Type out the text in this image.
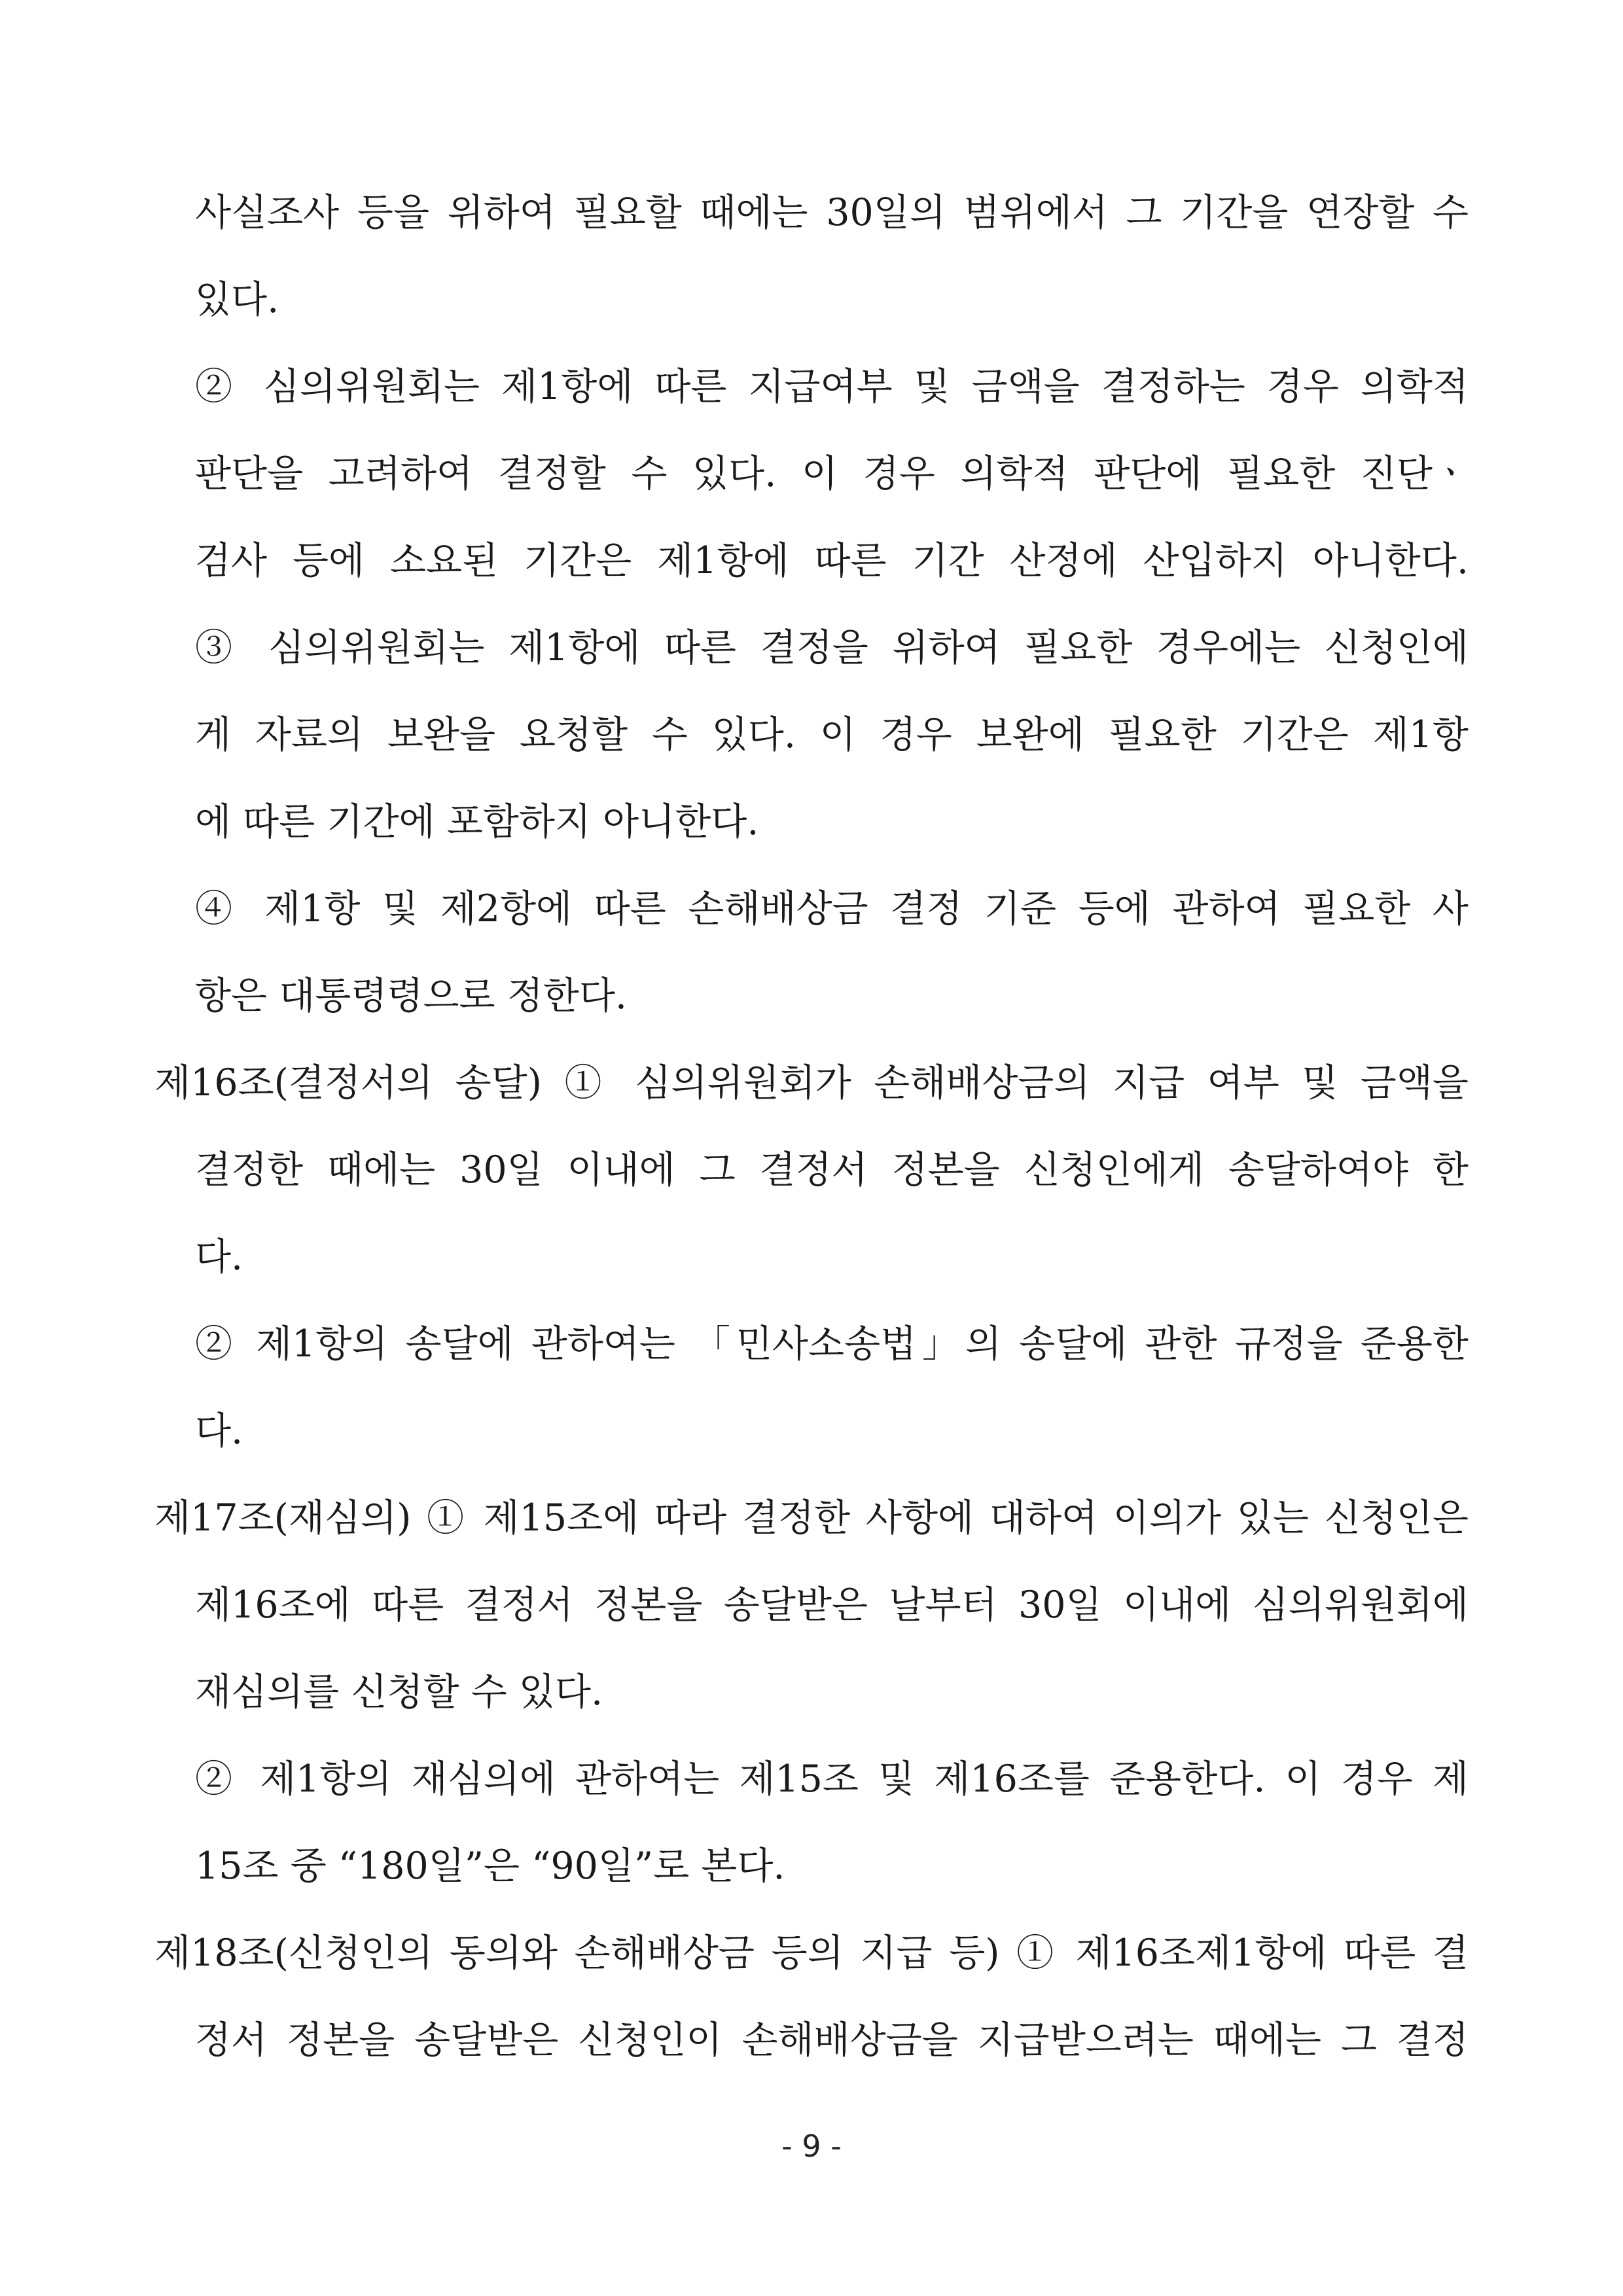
사실조사 등을 위하여 필요할 때에는 30일의 범위에서 그 기간을 연장할 수
있다.
② 심의위원회는 제1항에 따른 지급여부 및 금액을 결정하는 경우 의학적
판단을 고려하여 결정할 수 있다. 이 경우 의학적 판단에 필요한 진단ㆍ
검사 등에 소요된 기간은 제1항에 따른 기간 산정에 산입하지 아니한다.
③ 심의위원회는 제1항에 따른 결정을 위하여 필요한 경우에는 신청인에
게 자료의 보완을 요청할 수 있다. 이 경우 보완에 필요한 기간은 제1항
에 따른 기간에 포함하지 아니한다.
④ 제1항 및 제2항에 따른 손해배상금 결정 기준 등에 관하여 필요한 사
항은 대통령령으로 정한다.
제16조(결정서의 송달) ① 심의위원회가 손해배상금의 지급 여부 및 금액을
결정한 때에는 30일 이내에 그 결정서 정본을 신청인에게 송달하여야 한
다.
② 제1항의 송달에 관하여는 「민사소송법」의 송달에 관한 규정을 준용한
다.
제17조(재심의) ① 제15조에 따라 결정한 사항에 대하여 이의가 있는 신청인은
제16조에 따른 결정서 정본을 송달받은 날부터 30일 이내에 심의위원회에
재심의를 신청할 수 있다.
② 제1항의 재심의에 관하여는 제15조 및 제16조를 준용한다. 이 경우 제
15조 중 “180일”은 “90일”로 본다.
제18조(신청인의 동의와 손해배상금 등의 지급 등) ① 제16조제1항에 따른 결
정서 정본을 송달받은 신청인이 손해배상금을 지급받으려는 때에는 그 결정
- 9 -
